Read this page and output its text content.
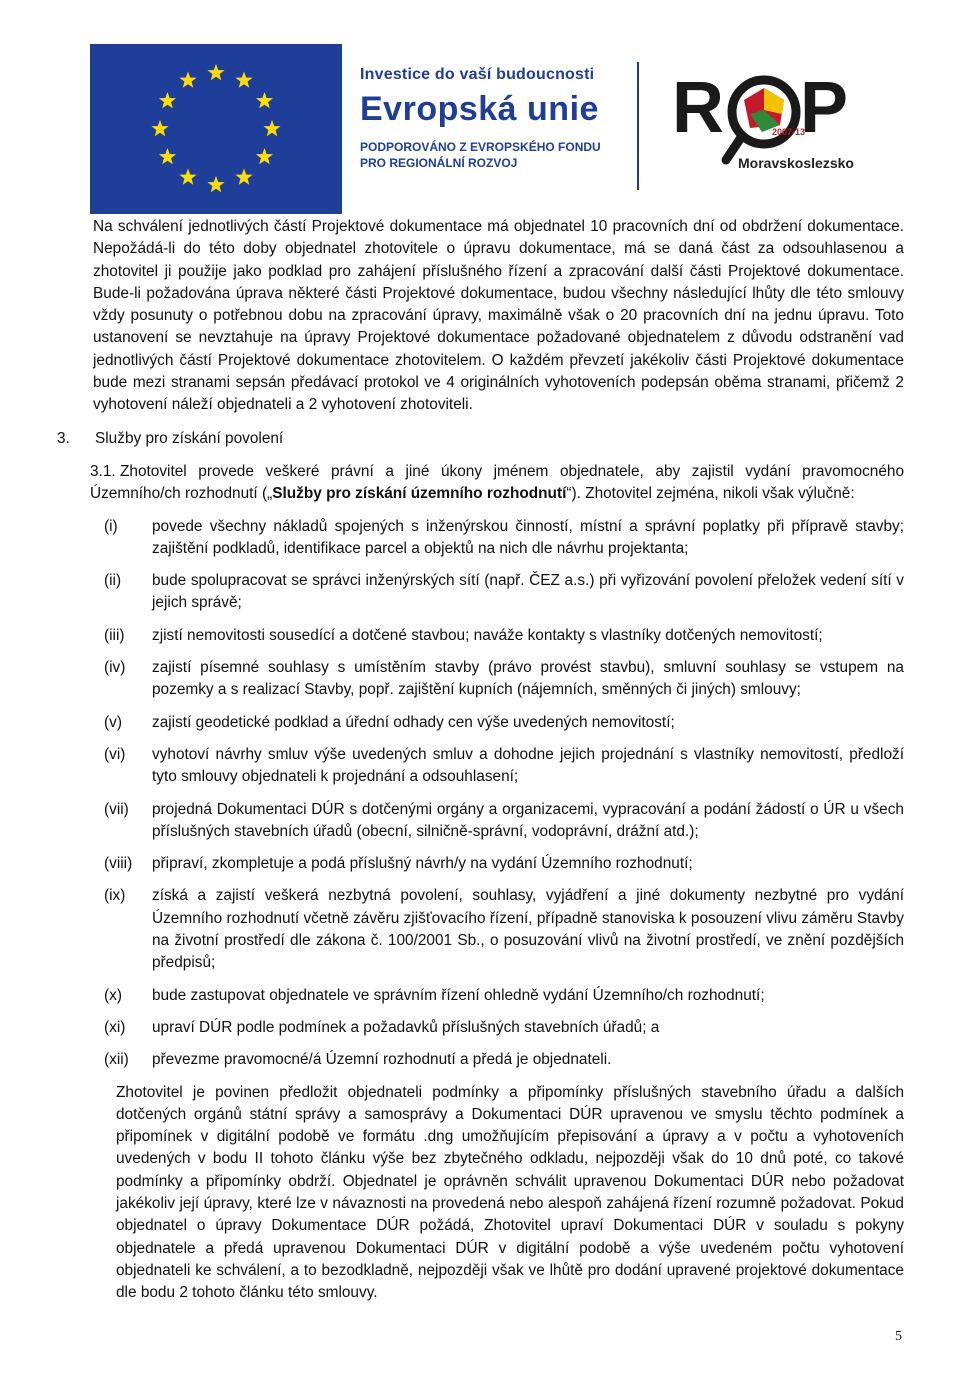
Investice do vaší budoucnosti
Evropská unie
PODPOROVÁNO Z EVROPSKÉHO FONDU
PRO REGIONÁLNÍ ROZVOJ
R P
2007-13
Moravskoslezsko

Na schválení jednotlivých částí Projektové dokumentace má objednatel 10 pracovních dní od obdržení dokumentace. Nepožádá-li do této doby objednatel zhotovitele o úpravu dokumentace, má se daná část za odsouhlasenou a zhotovitel ji použije jako podklad pro zahájení příslušného řízení a zpracování další části Projektové dokumentace. Bude-li požadována úprava některé části Projektové dokumentace, budou všechny následující lhůty dle této smlouvy vždy posunuty o potřebnou dobu na zpracování úpravy, maximálně však o 20 pracovních dní na jednu úpravu. Toto ustanovení se nevztahuje na úpravy Projektové dokumentace požadované objednatelem z důvodu odstranění vad jednotlivých částí Projektové dokumentace zhotovitelem. O každém převzetí jakékoliv části Projektové dokumentace bude mezi stranami sepsán předávací protokol ve 4 originálních vyhotoveních podepsán oběma stranami, přičemž 2 vyhotovení náleží objednateli a 2 vyhotovení zhotoviteli.

3. Služby pro získání povolení

3.1. Zhotovitel provede veškeré právní a jiné úkony jménem objednatele, aby zajistil vydání pravomocného Územního/ch rozhodnutí („Služby pro získání územního rozhodnutí“). Zhotovitel zejména, nikoli však výlučně:

(i)	povede všechny nákladů spojených s inženýrskou činností, místní a správní poplatky při přípravě stavby; zajištění podkladů, identifikace parcel a objektů na nich dle návrhu projektanta;
(ii)	bude spolupracovat se správci inženýrských sítí (např. ČEZ a.s.) při vyřizování povolení přeložek vedení sítí v jejich správě;
(iii)	zjistí nemovitosti sousedící a dotčené stavbou; naváže kontakty s vlastníky dotčených nemovitostí;
(iv)	zajistí písemné souhlasy s umístěním stavby (právo provést stavbu), smluvní souhlasy se vstupem na pozemky a s realizací Stavby, popř. zajištění kupních (nájemních, směnných či jiných) smlouvy;
(v)	zajistí geodetické podklad a úřední odhady cen výše uvedených nemovitostí;
(vi)	vyhotoví návrhy smluv výše uvedených smluv a dohodne jejich projednání s vlastníky nemovitostí, předloží tyto smlouvy objednateli k projednání a odsouhlasení;
(vii)	projedná Dokumentaci DÚR s dotčenými orgány a organizacemi, vypracování a podání žádostí o ÚR u všech příslušných stavebních úřadů (obecní, silničně-správní, vodoprávní, drážní atd.);
(viii)	připraví, zkompletuje a podá příslušný návrh/y na vydání Územního rozhodnutí;
(ix)	získá a zajistí veškerá nezbytná povolení, souhlasy, vyjádření a jiné dokumenty nezbytné pro vydání Územního rozhodnutí včetně závěru zjišťovacího řízení, případně stanoviska k posouzení vlivu záměru Stavby na životní prostředí dle zákona č. 100/2001 Sb., o posuzování vlivů na životní prostředí, ve znění pozdějších předpisů;
(x)	bude zastupovat objednatele ve správním řízení ohledně vydání Územního/ch rozhodnutí;
(xi)	upraví DÚR podle podmínek a požadavků příslušných stavebních úřadů; a
(xii)	převezme pravomocné/á Územní rozhodnutí a předá je objednateli.

Zhotovitel je povinen předložit objednateli podmínky a připomínky příslušných stavebního úřadu a dalších dotčených orgánů státní správy a samosprávy a Dokumentaci DÚR upravenou ve smyslu těchto podmínek a připomínek v digitální podobě ve formátu .dng umožňujícím přepisování a úpravy a v počtu a vyhotoveních uvedených v bodu II tohoto článku výše bez zbytečného odkladu, nejpozději však do 10 dnů poté, co takové podmínky a připomínky obdrží. Objednatel je oprávněn schválit upravenou Dokumentaci DÚR nebo požadovat jakékoliv její úpravy, které lze v návaznosti na provedená nebo alespoň zahájená řízení rozumně požadovat. Pokud objednatel o úpravy Dokumentace DÚR požádá, Zhotovitel upraví Dokumentaci DÚR v souladu s pokyny objednatele a předá upravenou Dokumentaci DÚR v digitální podobě a výše uvedeném počtu vyhotovení objednateli ke schválení, a to bezodkladně, nejpozději však ve lhůtě pro dodání upravené projektové dokumentace dle bodu 2 tohoto článku této smlouvy.

5
